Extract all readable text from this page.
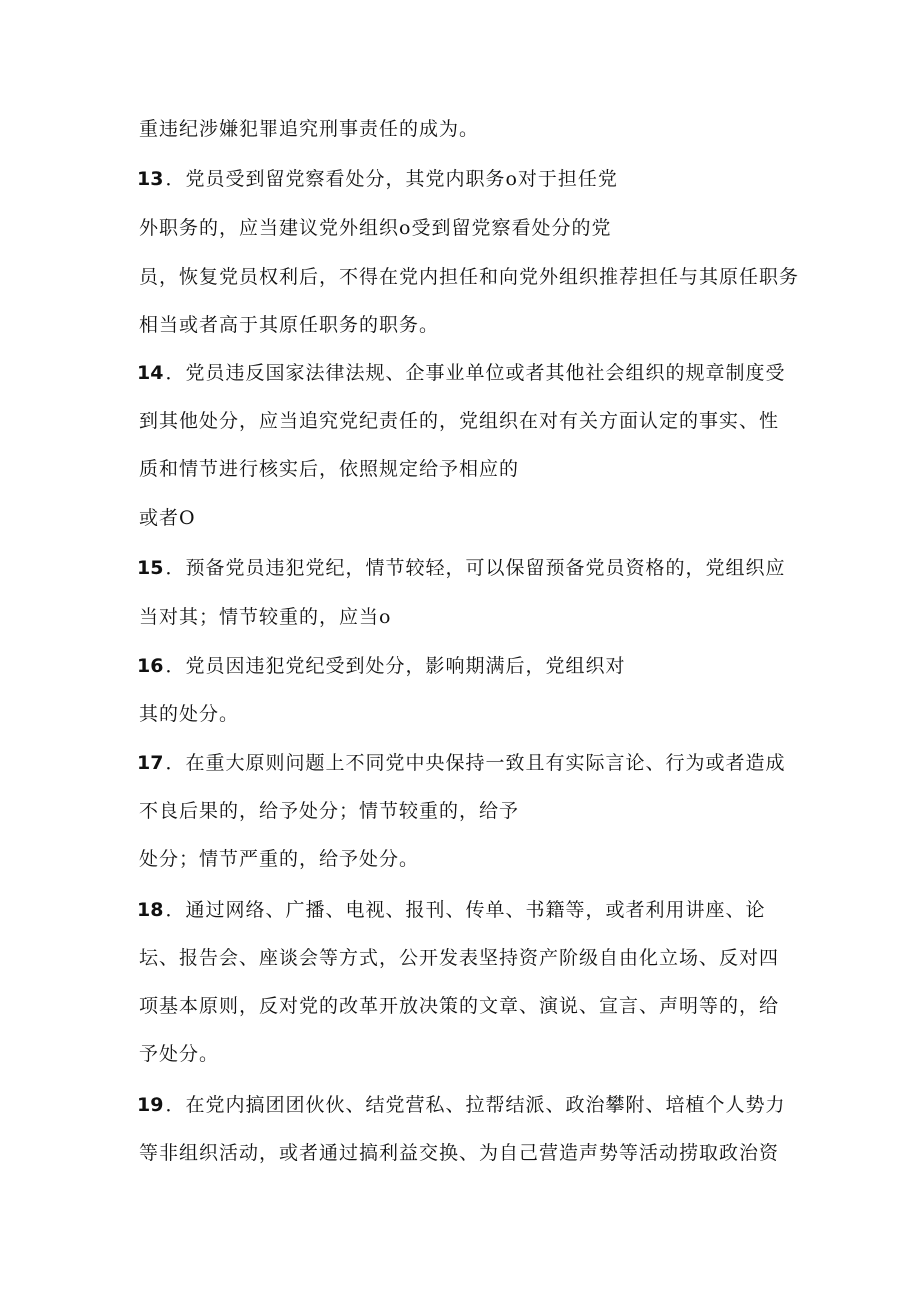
重违纪涉嫌犯罪追究刑事责任的成为。
13 ．党员受到留党察看处分，其党内职务o对于担任党
外职务的，应当建议党外组织o受到留党察看处分的党
员，恢复党员权利后，不得在党内担任和向党外组织推荐担任与其原任职务
相当或者高于其原任职务的职务。
14 ．党员违反国家法律法规、企事业单位或者其他社会组织的规章制度受
到其他处分，应当追究党纪责任的，党组织在对有关方面认定的事实、性
质和情节进行核实后，依照规定给予相应的
或者O
15 ．预备党员违犯党纪，情节较轻，可以保留预备党员资格的，党组织应
当对其；情节较重的，应当o
16 ．党员因违犯党纪受到处分，影响期满后，党组织对
其的处分。
17 ．在重大原则问题上不同党中央保持一致且有实际言论、行为或者造成
不良后果的，给予处分；情节较重的，给予
处分；情节严重的，给予处分。
18 ．通过网络、广播、电视、报刊、传单、书籍等，或者利用讲座、论
坛、报告会、座谈会等方式，公开发表坚持资产阶级自由化立场、反对四
项基本原则，反对党的改革开放决策的文章、演说、宣言、声明等的，给
予处分。
19 ．在党内搞团团伙伙、结党营私、拉帮结派、政治攀附、培植个人势力
等非组织活动，或者通过搞利益交换、为自己营造声势等活动捞取政治资
